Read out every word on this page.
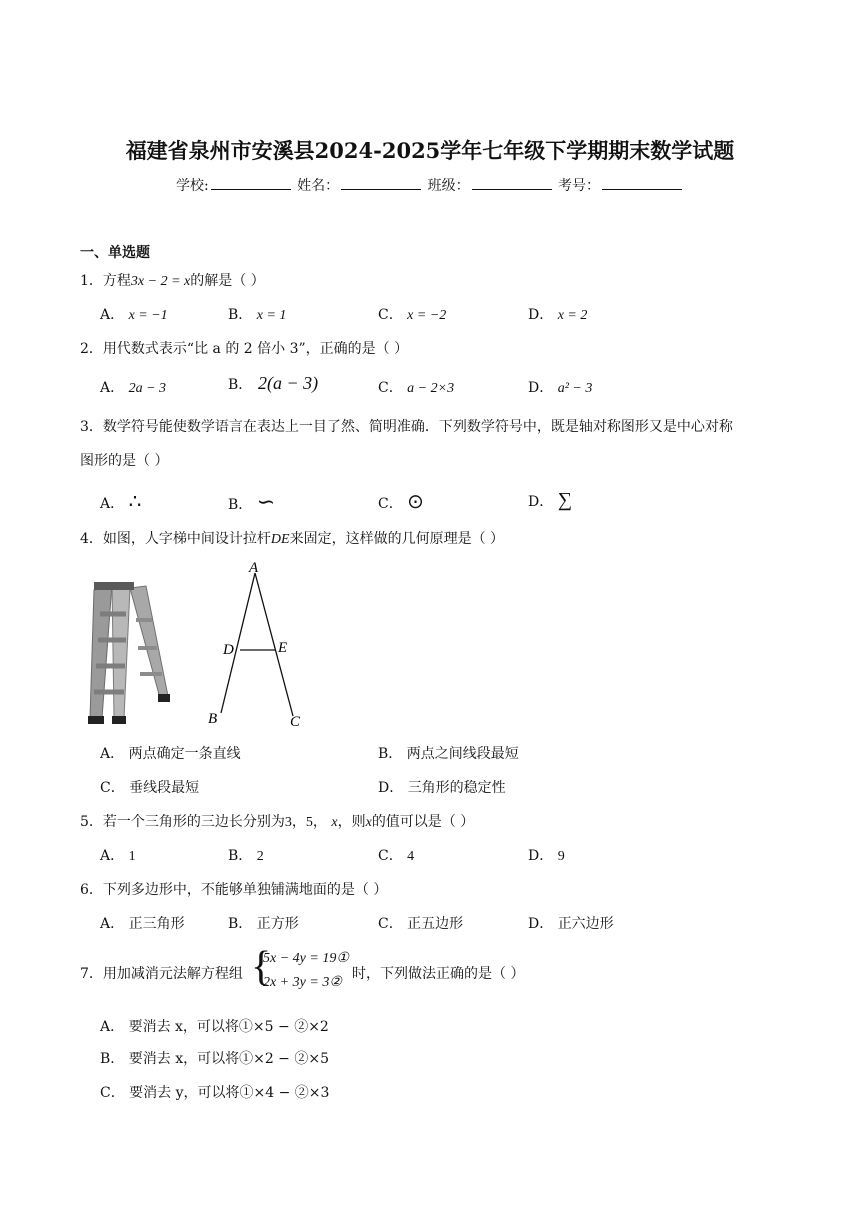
福建省泉州市安溪县2024-2025学年七年级下学期期末数学试题
学校:	姓名：	班级：	考号：
一、单选题
1．方程3x − 2 = x的解是（ ）
A． x = −1	B． x = 1	C． x = −2	D． x = 2
2．用代数式表示“比 a 的 2 倍小 3”，正确的是（ ）
A． 2a − 3	B． 2(a − 3)	C． a − 2×3	D． a² − 3
3．数学符号能使数学语言在表达上一目了然、简明准确．下列数学符号中，既是轴对称图形又是中心对称
图形的是（ ）
A． ∴	B． ∽	C． ⊙	D． ∑
4．如图，人字梯中间设计拉杆DE来固定，这样做的几何原理是（ ）
A
D	E
B	C
A． 两点确定一条直线	B． 两点之间线段最短
C． 垂线段最短	D． 三角形的稳定性
5．若一个三角形的三边长分别为3，5， x，则x的值可以是（ ）
A． 1	B． 2	C． 4	D． 9
6．下列多边形中，不能够单独铺满地面的是（ ）
A． 正三角形	B． 正方形	C． 正五边形	D． 正六边形
7．用加减消元法解方程组 {
5x − 4y = 19①
2x + 3y = 3②
时，下列做法正确的是（ ）
A． 要消去 x，可以将①×5 − ②×2
B． 要消去 x，可以将①×2 − ②×5
C． 要消去 y，可以将①×4 − ②×3
